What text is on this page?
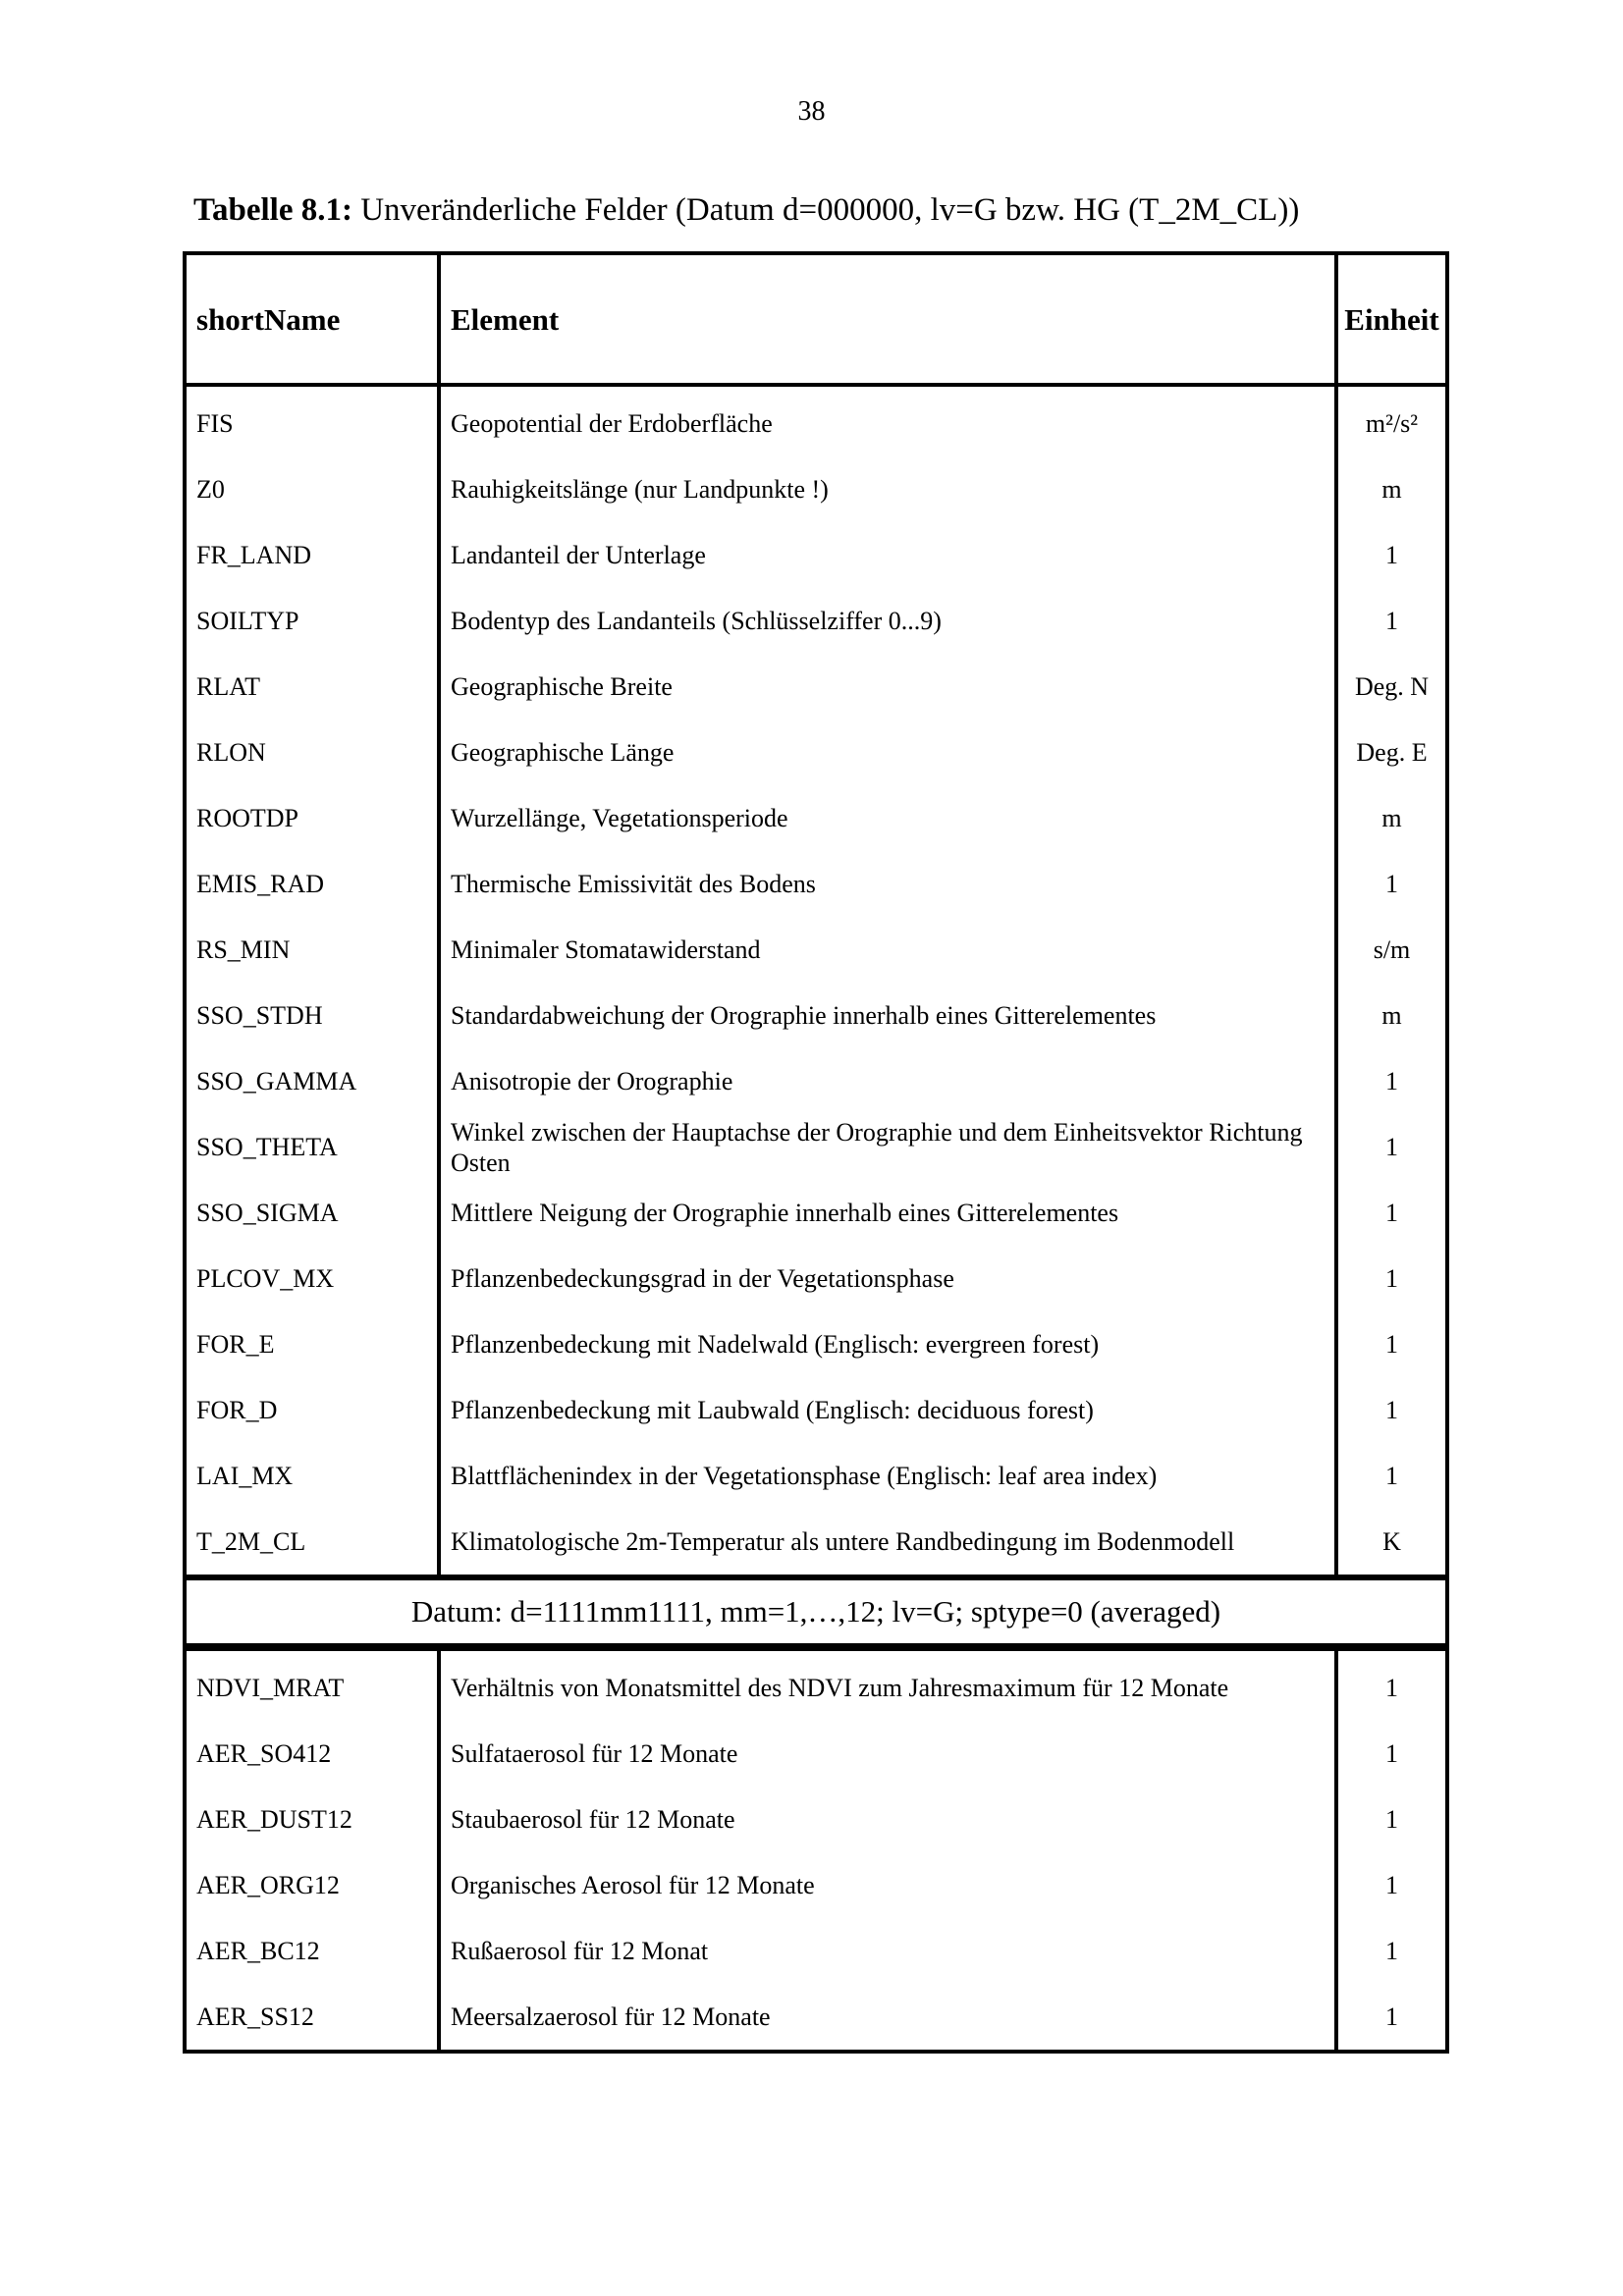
38
Tabelle 8.1: Unveränderliche Felder (Datum d=000000, lv=G bzw. HG (T_2M_CL))
shortName	Element	Einheit
FIS	Geopotential der Erdoberfläche	m²/s²
Z0	Rauhigkeitslänge (nur Landpunkte !)	m
FR_LAND	Landanteil der Unterlage	1
SOILTYP	Bodentyp des Landanteils (Schlüsselziffer 0...9)	1
RLAT	Geographische Breite	Deg. N
RLON	Geographische Länge	Deg. E
ROOTDP	Wurzellänge, Vegetationsperiode	m
EMIS_RAD	Thermische Emissivität des Bodens	1
RS_MIN	Minimaler Stomatawiderstand	s/m
SSO_STDH	Standardabweichung der Orographie innerhalb eines Gitterelementes	m
SSO_GAMMA	Anisotropie der Orographie	1
SSO_THETA	Winkel zwischen der Hauptachse der Orographie und dem Einheitsvektor Richtung Osten	1
SSO_SIGMA	Mittlere Neigung der Orographie innerhalb eines Gitterelementes	1
PLCOV_MX	Pflanzenbedeckungsgrad in der Vegetationsphase	1
FOR_E	Pflanzenbedeckung mit Nadelwald (Englisch: evergreen forest)	1
FOR_D	Pflanzenbedeckung mit Laubwald (Englisch: deciduous forest)	1
LAI_MX	Blattflächenindex in der Vegetationsphase (Englisch: leaf area index)	1
T_2M_CL	Klimatologische 2m-Temperatur als untere Randbedingung im Bodenmodell	K
Datum: d=1111mm1111, mm=1,…,12; lv=G; sptype=0 (averaged)
NDVI_MRAT	Verhältnis von Monatsmittel des NDVI zum Jahresmaximum für 12 Monate	1
AER_SO412	Sulfataerosol für 12 Monate	1
AER_DUST12	Staubaerosol für 12 Monate	1
AER_ORG12	Organisches Aerosol für 12 Monate	1
AER_BC12	Rußaerosol für 12 Monat	1
AER_SS12	Meersalzaerosol für 12 Monate	1
